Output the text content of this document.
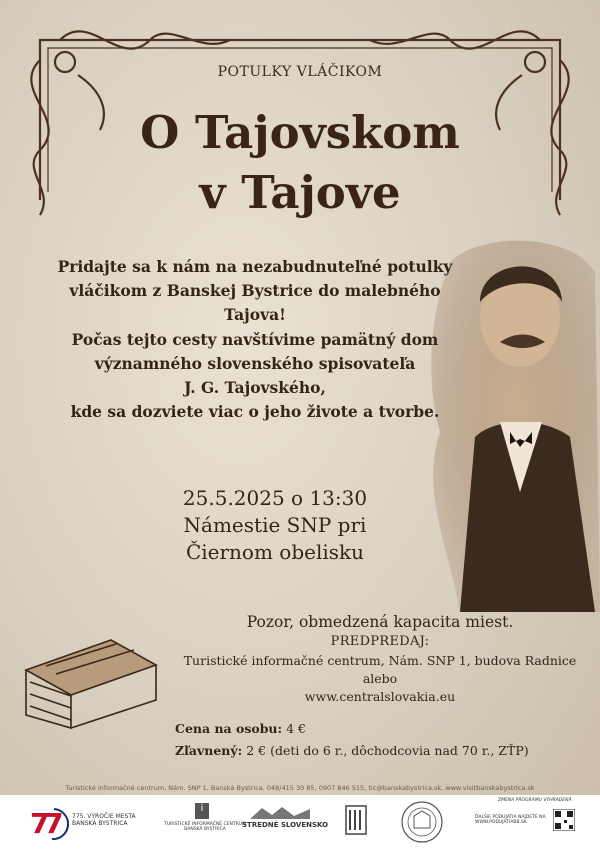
POTULKY VLÁČIKOM
O Tajovskom
v Tajove
Pridajte sa k nám na nezabudnuteľné potulky
vláčikom z Banskej Bystrice do malebného
Tajova!
Počas tejto cesty navštívime pamätný dom
významného slovenského spisovateľa
J. G. Tajovského,
kde sa dozviete viac o jeho živote a tvorbe.
25.5.2025 o 13:30
Námestie SNP pri
Čiernom obelisku
Pozor, obmedzená kapacita miest.
PREDPREDAJ:
Turistické informačné centrum, Nám. SNP 1, budova Radnice
alebo
www.centralslovakia.eu
Cena na osobu: 4 €
Zľavnený: 2 € (deti do 6 r., dôchodcovia nad 70 r., ZŤP)
Turistické informačné centrum, Nám. SNP 1, Banská Bystrica, 048/415 30 85, 0907 846 515, tic@banskabystrica.sk, www.visitbanskabystrica.sk
7
7 775. VÝROČIE MESTA
BANSKÁ BYSTRICA
i
TURISTICKÉ INFORMAČNÉ CENTRUM
BANSKÁ BYSTRICA
STREDNÉ SLOVENSKO
ZMENA PROGRAMU VYHRADENÁ
ĎALŠIE PODUJATIA NÁJDETE NA
WWW.PODUJATIABB.SK
